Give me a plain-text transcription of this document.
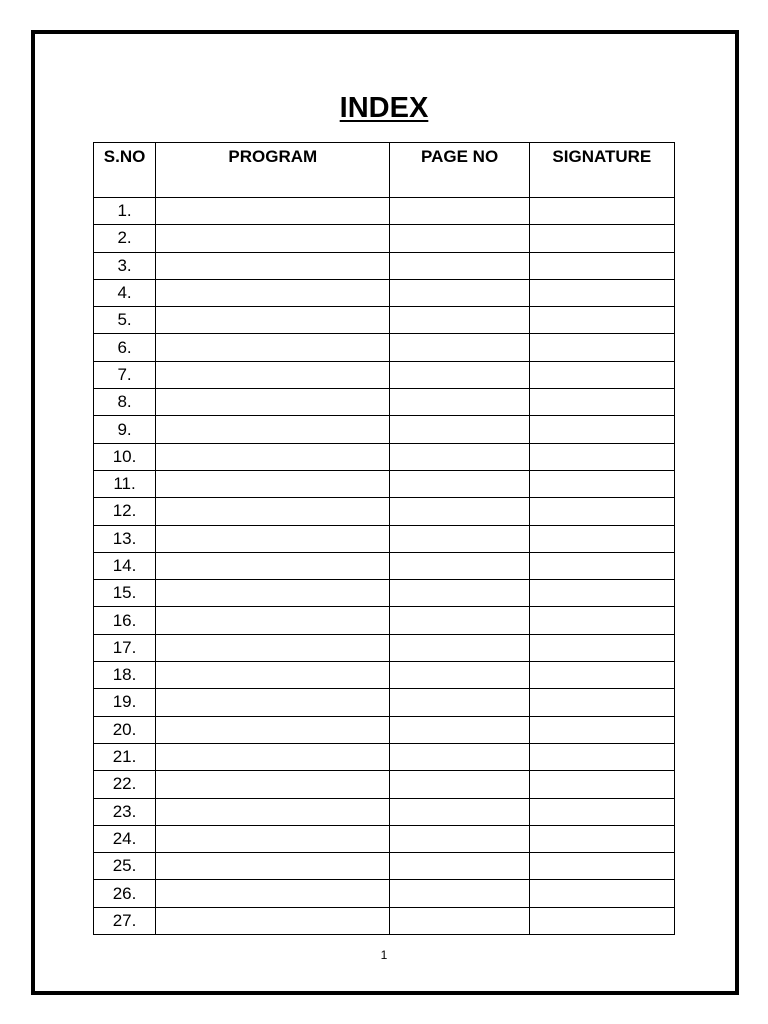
INDEX
S.NO	PROGRAM	PAGE NO	SIGNATURE
1.			
2.			
3.			
4.			
5.			
6.			
7.			
8.			
9.			
10.			
11.			
12.			
13.			
14.			
15.			
16.			
17.			
18.			
19.			
20.			
21.			
22.			
23.			
24.			
25.			
26.			
27.			
1
